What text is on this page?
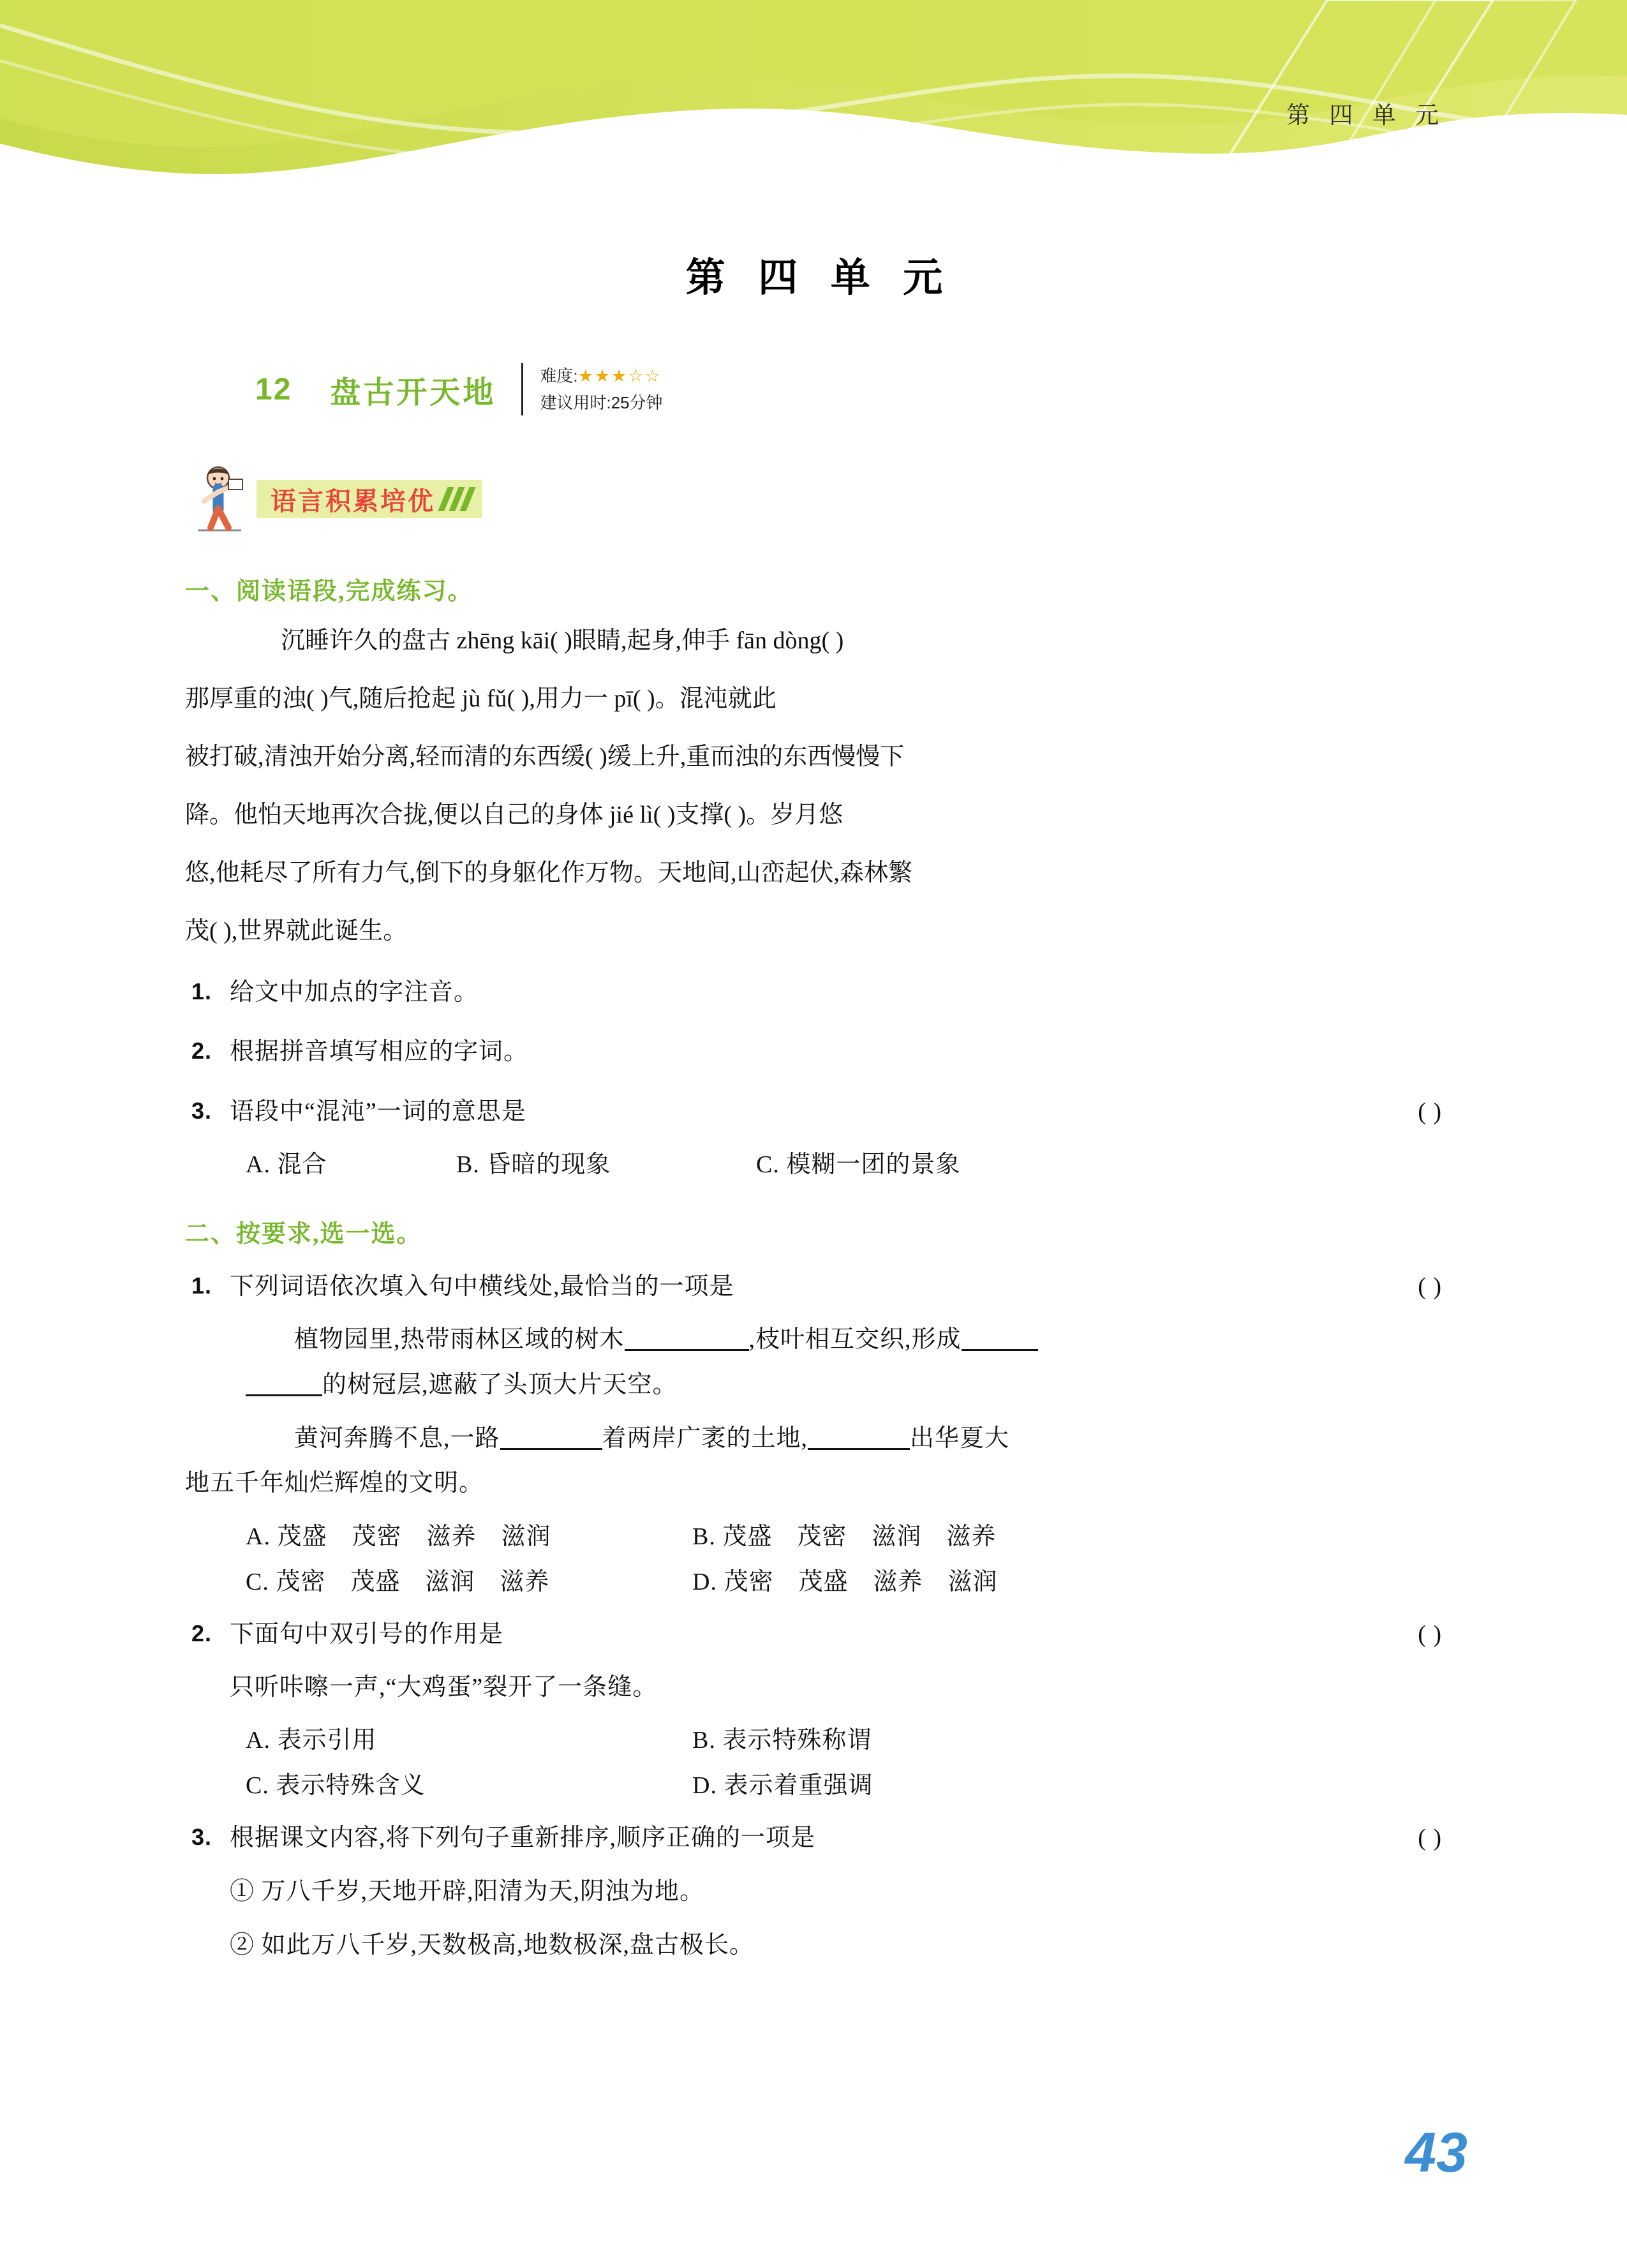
第 四 单 元
第 四 单 元
12 盘古开天地	难度:★★★☆☆
建议用时:25分钟
语言积累培优
一、阅读语段,完成练习。
沉睡许久的盘古 zhēng kāi( )眼睛,起身,伸手 fān dòng( )
那厚重的浊( )气,随后抢起 jù fǔ( ),用力一 pī( )。混沌就此
被打破,清浊开始分离,轻而清的东西缓( )缓上升,重而浊的东西慢慢下
降。他怕天地再次合拢,便以自己的身体 jié lì( )支撑( )。岁月悠
悠,他耗尽了所有力气,倒下的身躯化作万物。天地间,山峦起伏,森林繁
茂( ),世界就此诞生。
1. 给文中加点的字注音。
2. 根据拼音填写相应的字词。
( )
3. 语段中“混沌”一词的意思是
A. 混合	B. 昏暗的现象	C. 模糊一团的景象
二、按要求,选一选。
( )
1. 下列词语依次填入句中横线处,最恰当的一项是
植物园里,热带雨林区域的树木	,枝叶相互交织,形成
的树冠层,遮蔽了头顶大片天空。
黄河奔腾不息,一路	着两岸广袤的土地,	出华夏大
地五千年灿烂辉煌的文明。
A. 茂盛　茂密　滋养　滋润	B. 茂盛　茂密　滋润　滋养
C. 茂密　茂盛　滋润　滋养	D. 茂密　茂盛　滋养　滋润
( )
2. 下面句中双引号的作用是
只听咔嚓一声,“大鸡蛋”裂开了一条缝。
A. 表示引用	B. 表示特殊称谓
C. 表示特殊含义	D. 表示着重强调
( )
3. 根据课文内容,将下列句子重新排序,顺序正确的一项是
① 万八千岁,天地开辟,阳清为天,阴浊为地。
② 如此万八千岁,天数极高,地数极深,盘古极长。
43
